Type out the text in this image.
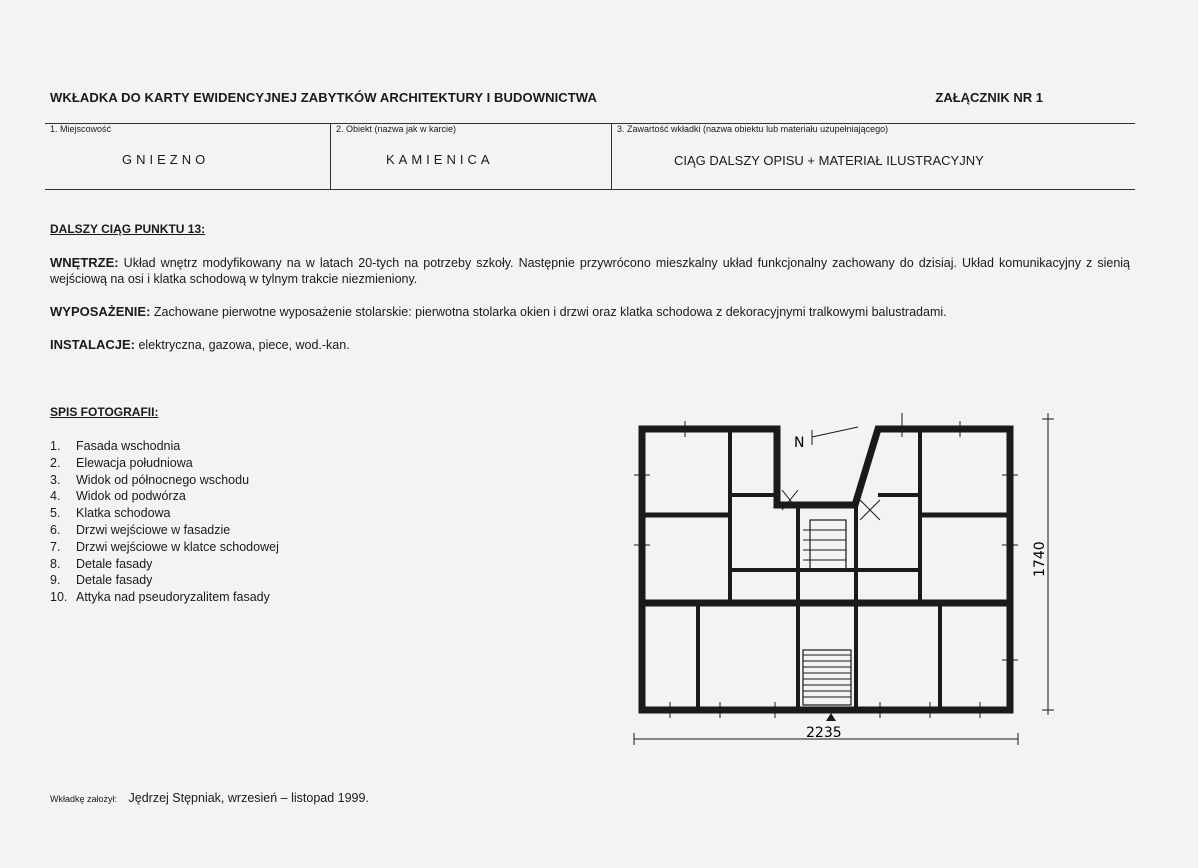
WKŁADKA DO KARTY EWIDENCYJNEJ ZABYTKÓW ARCHITEKTURY I BUDOWNICTWA	ZAŁĄCZNIK NR 1
1. Miejscowość
GNIEZNO
2. Obiekt (nazwa jak w karcie)
KAMIENICA
3. Zawartość wkładki (nazwa obiektu lub materiału uzupełniającego)
CIĄG DALSZY OPISU + MATERIAŁ ILUSTRACYJNY
DALSZY CIĄG PUNKTU 13:
WNĘTRZE: Układ wnętrz modyfikowany na w latach 20-tych na potrzeby szkoły. Następnie przywrócono mieszkalny układ funkcjonalny zachowany do dzisiaj. Układ komunikacyjny z sienią wejściową na osi i klatka schodową w tylnym trakcie niezmieniony.
WYPOSAŻENIE: Zachowane pierwotne wyposażenie stolarskie: pierwotna stolarka okien i drzwi oraz klatka schodowa z dekoracyjnymi tralkowymi balustradami.
INSTALACJE: elektryczna, gazowa, piece, wod.-kan.
SPIS FOTOGRAFII:
1.	Fasada wschodnia
2.	Elewacja południowa
3.	Widok od północnego wschodu
4.	Widok od podwórza
5.	Klatka schodowa
6.	Drzwi wejściowe w fasadzie
7.	Drzwi wejściowe w klatce schodowej
8.	Detale fasady
9.	Detale fasady
10. Attyka nad pseudoryzalitem fasady
N
2235
1740
Wkładkę założył: Jędrzej Stępniak, wrzesień – listopad 1999.
